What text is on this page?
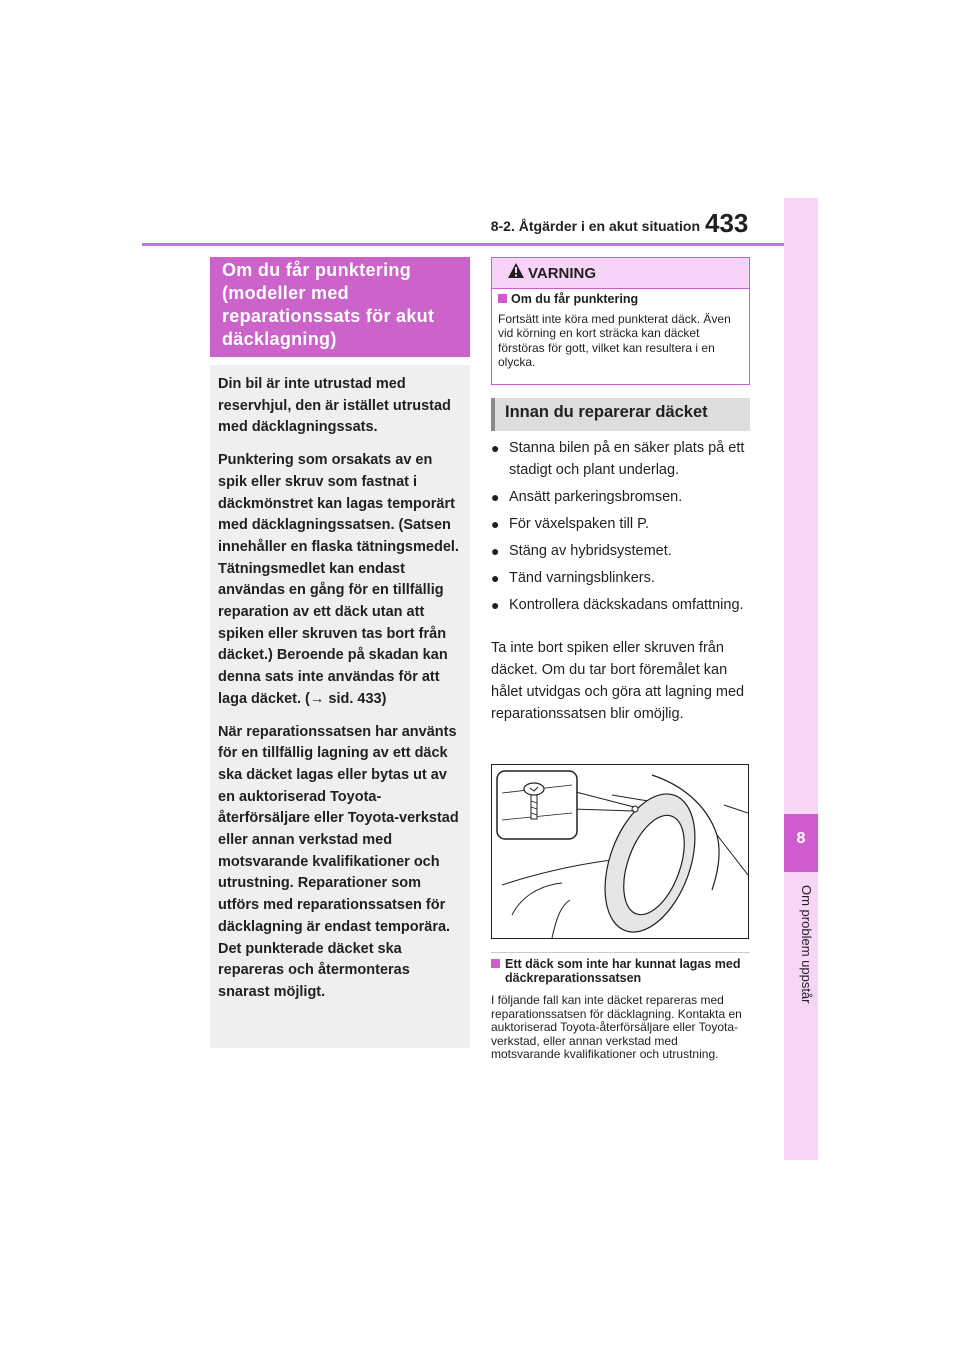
8-2. Åtgärder i en akut situation 433
8
Om problem uppstår
Om du får punktering (modeller med reparationssats för akut däcklagning)

Din bil är inte utrustad med reservhjul, den är istället utrustad med däcklagningssats.

Punktering som orsakats av en spik eller skruv som fastnat i däckmönstret kan lagas temporärt med däcklagningssatsen. (Satsen innehåller en flaska tätningsmedel. Tätningsmedlet kan endast användas en gång för en tillfällig reparation av ett däck utan att spiken eller skruven tas bort från däcket.) Beroende på skadan kan denna sats inte användas för att laga däcket. (→ sid. 433)

När reparationssatsen har använts för en tillfällig lagning av ett däck ska däcket lagas eller bytas ut av en auktoriserad Toyota-återförsäljare eller Toyota-verkstad eller annan verkstad med motsvarande kvalifikationer och utrustning. Reparationer som utförs med reparationssatsen för däcklagning är endast temporära. Det punkterade däcket ska repareras och återmonteras snarast möjligt.

VARNING
Om du får punktering
Fortsätt inte köra med punkterat däck. Även vid körning en kort sträcka kan däcket förstöras för gott, vilket kan resultera i en olycka.
Innan du reparerar däcket
● Stanna bilen på en säker plats på ett stadigt och plant underlag.
● Ansätt parkeringsbromsen.
● För växelspaken till P.
● Stäng av hybridsystemet.
● Tänd varningsblinkers.
● Kontrollera däckskadans omfattning.
Ta inte bort spiken eller skruven från däcket. Om du tar bort föremålet kan hålet utvidgas och göra att lagning med reparationssatsen blir omöjlig.
Ett däck som inte har kunnat lagas med däckreparationssatsen
I följande fall kan inte däcket repareras med reparationssatsen för däcklagning. Kontakta en auktoriserad Toyota-återförsäljare eller Toyota-verkstad, eller annan verkstad med motsvarande kvalifikationer och utrustning.
